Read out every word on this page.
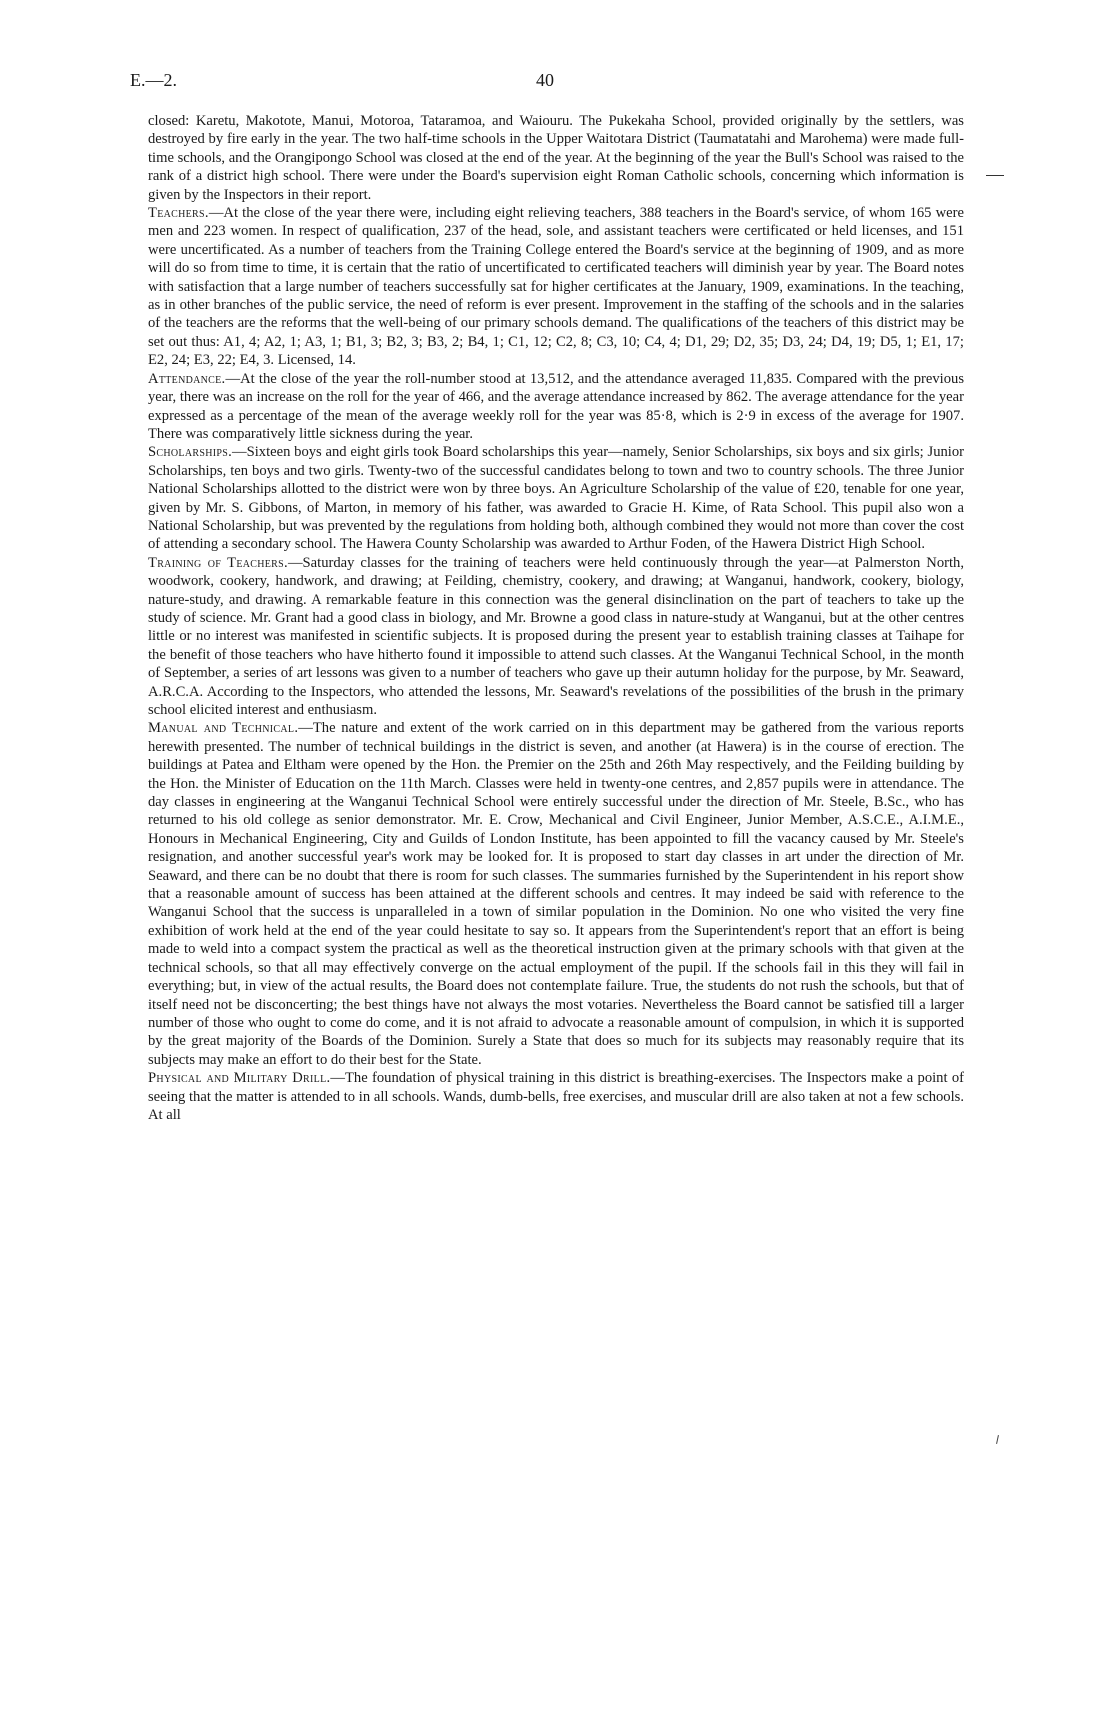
E.—2.	40

closed: Karetu, Makotote, Manui, Motoroa, Tataramoa, and Waiouru. The Pukekaha School, provided originally by the settlers, was destroyed by fire early in the year. The two half-time schools in the Upper Waitotara District (Taumatatahi and Marohema) were made full-time schools, and the Orangipongo School was closed at the end of the year. At the beginning of the year the Bull's School was raised to the rank of a district high school. There were under the Board's supervision eight Roman Catholic schools, concerning which information is given by the Inspectors in their report.

Teachers.—At the close of the year there were, including eight relieving teachers, 388 teachers in the Board's service, of whom 165 were men and 223 women. In respect of qualification, 237 of the head, sole, and assistant teachers were certificated or held licenses, and 151 were uncertificated. As a number of teachers from the Training College entered the Board's service at the beginning of 1909, and as more will do so from time to time, it is certain that the ratio of uncertificated to certificated teachers will diminish year by year. The Board notes with satisfaction that a large number of teachers successfully sat for higher certificates at the January, 1909, examinations. In the teaching, as in other branches of the public service, the need of reform is ever present. Improvement in the staffing of the schools and in the salaries of the teachers are the reforms that the well-being of our primary schools demand. The qualifications of the teachers of this district may be set out thus: A1, 4; A2, 1; A3, 1; B1, 3; B2, 3; B3, 2; B4, 1; C1, 12; C2, 8; C3, 10; C4, 4; D1, 29; D2, 35; D3, 24; D4, 19; D5, 1; E1, 17; E2, 24; E3, 22; E4, 3. Licensed, 14.

Attendance.—At the close of the year the roll-number stood at 13,512, and the attendance averaged 11,835. Compared with the previous year, there was an increase on the roll for the year of 466, and the average attendance increased by 862. The average attendance for the year expressed as a percentage of the mean of the average weekly roll for the year was 85·8, which is 2·9 in excess of the average for 1907. There was comparatively little sickness during the year.

Scholarships.—Sixteen boys and eight girls took Board scholarships this year—namely, Senior Scholarships, six boys and six girls; Junior Scholarships, ten boys and two girls. Twenty-two of the successful candidates belong to town and two to country schools. The three Junior National Scholarships allotted to the district were won by three boys. An Agriculture Scholarship of the value of £20, tenable for one year, given by Mr. S. Gibbons, of Marton, in memory of his father, was awarded to Gracie H. Kime, of Rata School. This pupil also won a National Scholarship, but was prevented by the regulations from holding both, although combined they would not more than cover the cost of attending a secondary school. The Hawera County Scholarship was awarded to Arthur Foden, of the Hawera District High School.

Training of Teachers.—Saturday classes for the training of teachers were held continuously through the year—at Palmerston North, woodwork, cookery, handwork, and drawing; at Feilding, chemistry, cookery, and drawing; at Wanganui, handwork, cookery, biology, nature-study, and drawing. A remarkable feature in this connection was the general disinclination on the part of teachers to take up the study of science. Mr. Grant had a good class in biology, and Mr. Browne a good class in nature-study at Wanganui, but at the other centres little or no interest was manifested in scientific subjects. It is proposed during the present year to establish training classes at Taihape for the benefit of those teachers who have hitherto found it impossible to attend such classes. At the Wanganui Technical School, in the month of September, a series of art lessons was given to a number of teachers who gave up their autumn holiday for the purpose, by Mr. Seaward, A.R.C.A. According to the Inspectors, who attended the lessons, Mr. Seaward's revelations of the possibilities of the brush in the primary school elicited interest and enthusiasm.

Manual and Technical.—The nature and extent of the work carried on in this department may be gathered from the various reports herewith presented. The number of technical buildings in the district is seven, and another (at Hawera) is in the course of erection. The buildings at Patea and Eltham were opened by the Hon. the Premier on the 25th and 26th May respectively, and the Feilding building by the Hon. the Minister of Education on the 11th March. Classes were held in twenty-one centres, and 2,857 pupils were in attendance. The day classes in engineering at the Wanganui Technical School were entirely successful under the direction of Mr. Steele, B.Sc., who has returned to his old college as senior demonstrator. Mr. E. Crow, Mechanical and Civil Engineer, Junior Member, A.S.C.E., A.I.M.E., Honours in Mechanical Engineering, City and Guilds of London Institute, has been appointed to fill the vacancy caused by Mr. Steele's resignation, and another successful year's work may be looked for. It is proposed to start day classes in art under the direction of Mr. Seaward, and there can be no doubt that there is room for such classes. The summaries furnished by the Superintendent in his report show that a reasonable amount of success has been attained at the different schools and centres. It may indeed be said with reference to the Wanganui School that the success is unparalleled in a town of similar population in the Dominion. No one who visited the very fine exhibition of work held at the end of the year could hesitate to say so. It appears from the Superintendent's report that an effort is being made to weld into a compact system the practical as well as the theoretical instruction given at the primary schools with that given at the technical schools, so that all may effectively converge on the actual employment of the pupil. If the schools fail in this they will fail in everything; but, in view of the actual results, the Board does not contemplate failure. True, the students do not rush the schools, but that of itself need not be disconcerting; the best things have not always the most votaries. Nevertheless the Board cannot be satisfied till a larger number of those who ought to come do come, and it is not afraid to advocate a reasonable amount of compulsion, in which it is supported by the great majority of the Boards of the Dominion. Surely a State that does so much for its subjects may reasonably require that its subjects may make an effort to do their best for the State.

Physical and Military Drill.—The foundation of physical training in this district is breathing-exercises. The Inspectors make a point of seeing that the matter is attended to in all schools. Wands, dumb-bells, free exercises, and muscular drill are also taken at not a few schools. At all
